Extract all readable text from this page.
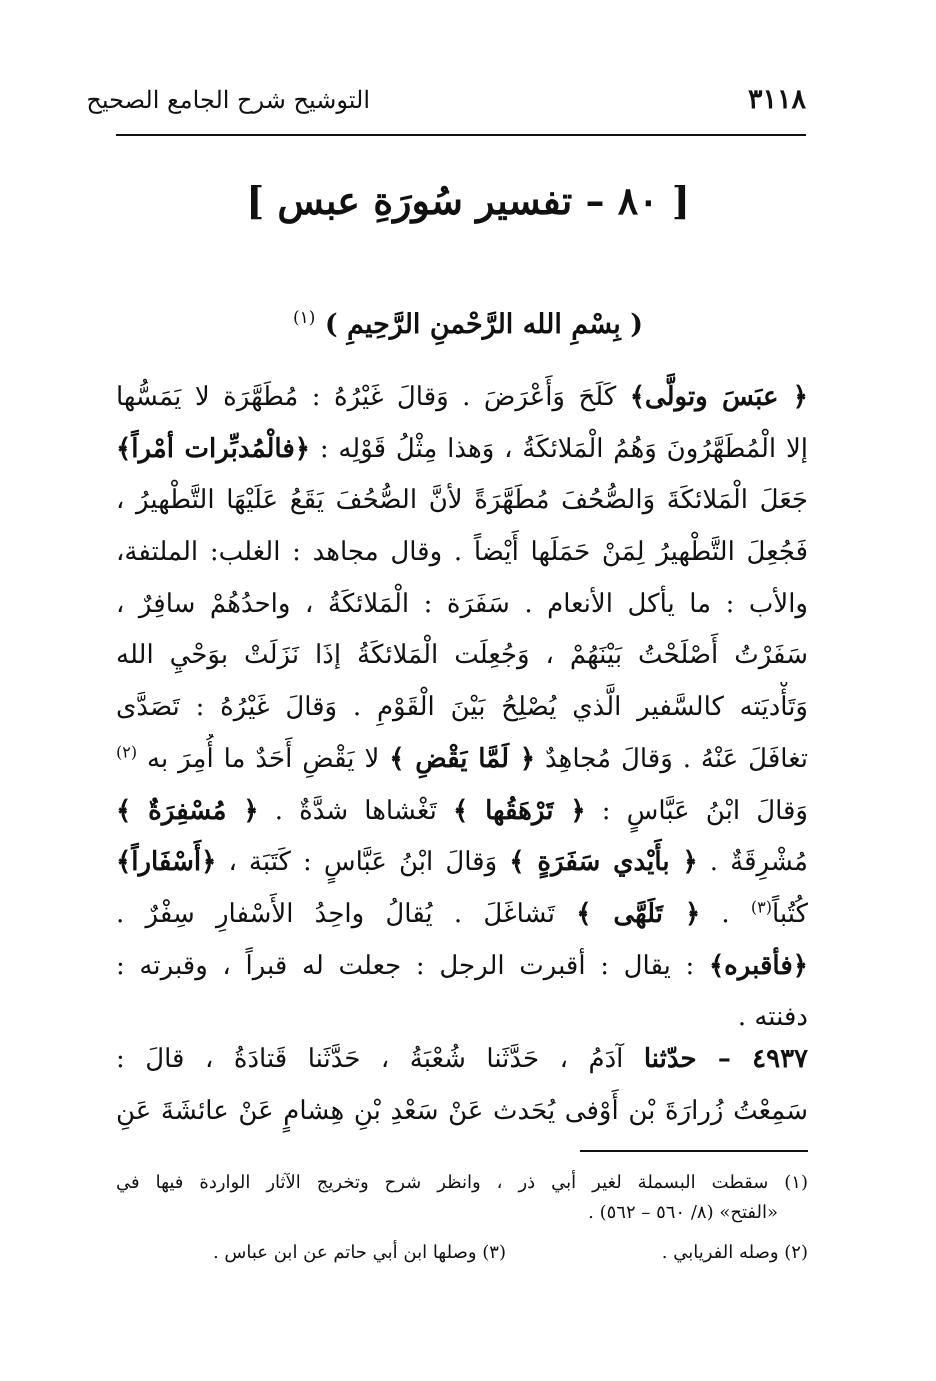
التوشيح شرح الجامع الصحيح	٣١١٨
[ ٨٠ – تفسير سُورَةِ عبس ]
( بِسْمِ الله الرَّحْمنِ الرَّحِيمِ ) $^{(١)}$
﴿ عبَسَ وتولَّى﴾ كَلَحَ وَأَعْرَضَ . وَقالَ غَيْرُهُ : مُطَهَّرَة لا يَمَسُّها
إلا الْمُطَهَّرُونَ وَهُمُ الْمَلائكَةُ ، وَهذا مِثْلُ قَوْلِه : ﴿فالْمُدبِّرات أمْراً﴾
جَعَلَ الْمَلائكَةَ وَالصُّحُفَ مُطَهَّرَةً لأنَّ الصُّحُفَ يَقَعُ عَلَيْهَا التَّطْهيرُ ،
فَجُعِلَ التَّطْهيرُ لِمَنْ حَمَلَها أَيْضاً . وقال مجاهد : الغلب: الملتفة،
والأب : ما يأكل الأنعام . سَفَرَة : الْمَلائكَةُ ، واحدُهُمْ سافِرٌ ،
سَفَرْتُ أَصْلَحْتُ بَيْنَهُمْ ، وَجُعِلَت الْمَلائكَةُ إذَا نَزَلَتْ بوَحْيِ الله
وَتَأْديَته كالسَّفير الَّذي يُصْلِحُ بَيْنَ الْقَوْمِ . وَقالَ غَيْرُهُ : تَصَدَّى
تغافَلَ عَنْهُ . وَقالَ مُجاهِدٌ ﴿ لَمَّا يَقْضِ ﴾ لا يَقْضِ أَحَدٌ ما أُمِرَ به $^{(٢)}$
وَقالَ ابْنُ عَبَّاسٍ : ﴿ تَرْهَقُها ﴾ تَغْشاها شدَّةٌ . ﴿ مُسْفِرَةٌ ﴾
مُشْرِقَةٌ . ﴿ بأَيْدي سَفَرَةٍ ﴾ وَقالَ ابْنُ عَبَّاسٍ : كَتَبَة ، ﴿أَسْفَاراً﴾
كُتُباً$^{(٣)}$ . ﴿ تَلَهَّى ﴾ تَشاغَلَ . يُقالُ واحِدُ الأَسْفارِ سِفْرٌ .
﴿فأقبره﴾ : يقال : أقبرت الرجل : جعلت له قبراً ، وقبرته :
دفنته .
٤٩٣٧ – حدّثنا آدَمُ ، حَدَّثَنا شُعْبَةُ ، حَدَّثَنا قَتادَةُ ، قالَ :
سَمِعْتُ زُرارَةَ بْن أَوْفى يُحَدث عَنْ سَعْدِ بْنِ هِشامٍ عَنْ عائشَةَ عَنِ
(١) سقطت البسملة لغير أبي ذر ، وانظر شرح وتخريج الآثار الواردة فيها في
«الفتح» (٨/ ٥٦٠ – ٥٦٢) .
(٢) وصله الفريابي .
(٣) وصلها ابن أبي حاتم عن ابن عباس .
